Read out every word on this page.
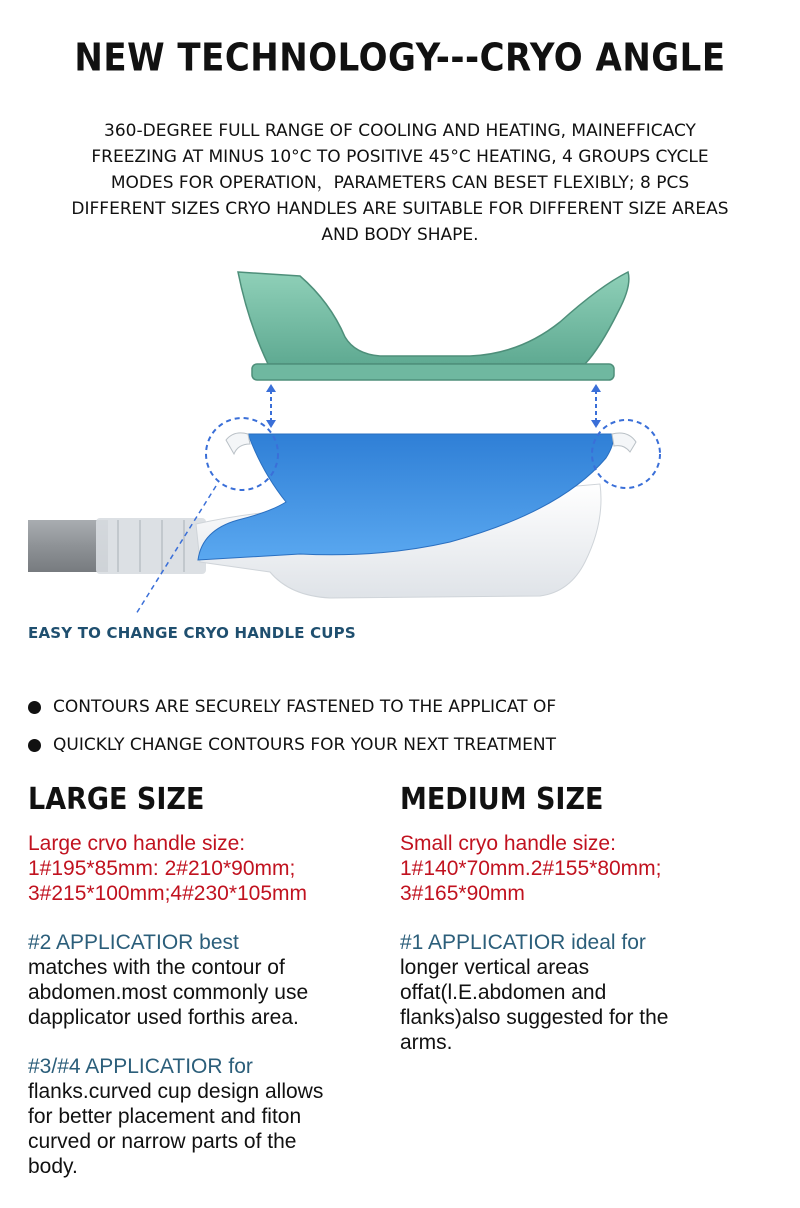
NEW TECHNOLOGY---CRYO ANGLE
360-DEGREE FULL RANGE OF COOLING AND HEATING, MAINEFFICACY
FREEZING AT MINUS 10°C TO POSITIVE 45°C HEATING, 4 GROUPS CYCLE
MODES FOR OPERATION，PARAMETERS CAN BESET FLEXIBLY; 8 PCS
DIFFERENT SIZES CRYO HANDLES ARE SUITABLE FOR DIFFERENT SIZE AREAS
AND BODY SHAPE.
EASY TO CHANGE CRYO HANDLE CUPS
CONTOURS ARE SECURELY FASTENED TO THE APPLICAT OF
QUICKLY CHANGE CONTOURS FOR YOUR NEXT TREATMENT
LARGE SIZE
Large crvo handle size:
1#195*85mm: 2#210*90mm;
3#215*100mm;4#230*105mm
#2 APPLICATIOR best
matches with the contour of
abdomen.most commonly use
dapplicator used forthis area.
#3/#4 APPLICATIOR for
flanks.curved cup design allows
for better placement and fiton
curved or narrow parts of the
body.
MEDIUM SIZE
Small cryo handle size:
1#140*70mm.2#155*80mm;
3#165*90mm
#1 APPLICATIOR ideal for
longer vertical areas
offat(l.E.abdomen and
flanks)also suggested for the
arms.
